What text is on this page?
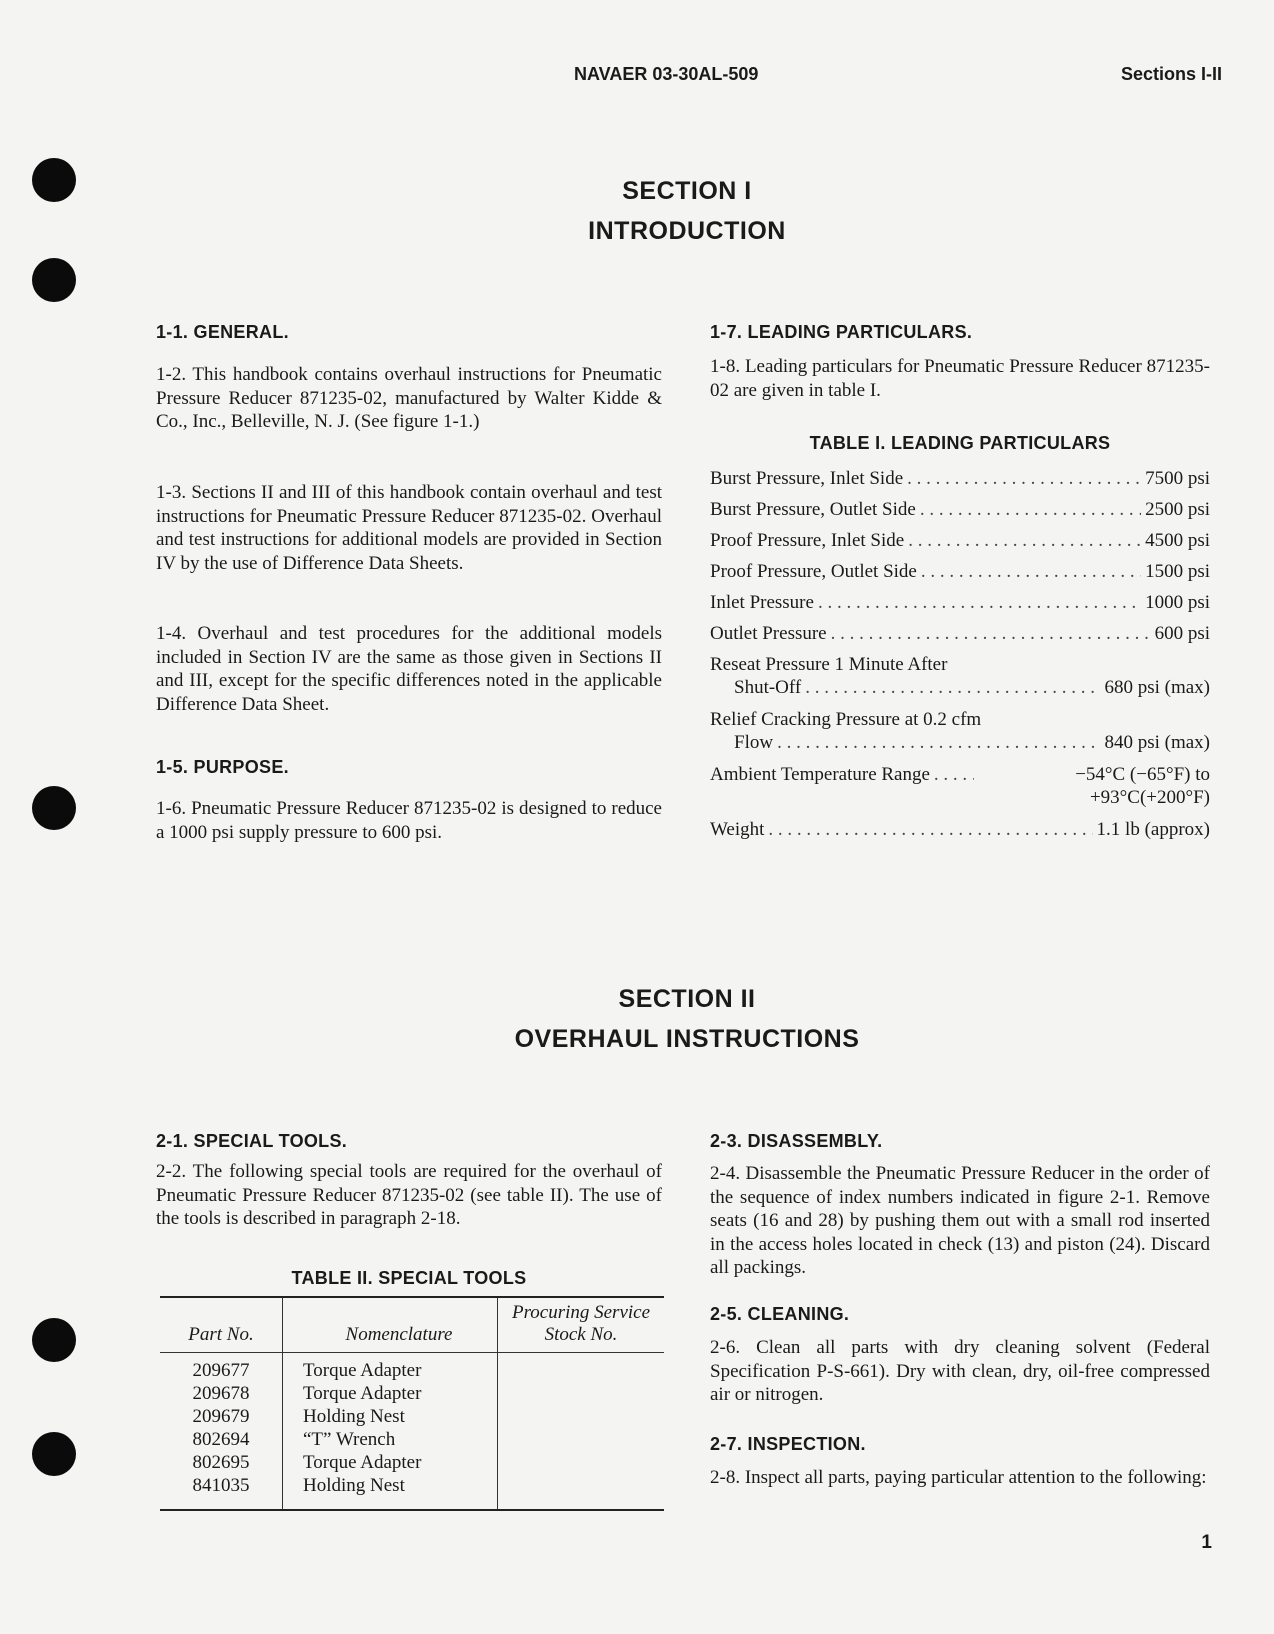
NAVAER 03-30AL-509	Sections I-II
SECTION I
INTRODUCTION
1-1. GENERAL.
1-2. This handbook contains overhaul instructions for Pneumatic Pressure Reducer 871235-02, manufactured by Walter Kidde & Co., Inc., Belleville, N. J. (See figure 1-1.)
1-3. Sections II and III of this handbook contain overhaul and test instructions for Pneumatic Pressure Reducer 871235-02. Overhaul and test instructions for additional models are provided in Section IV by the use of Difference Data Sheets.
1-4. Overhaul and test procedures for the additional models included in Section IV are the same as those given in Sections II and III, except for the specific differences noted in the applicable Difference Data Sheet.
1-5. PURPOSE.
1-6. Pneumatic Pressure Reducer 871235-02 is designed to reduce a 1000 psi supply pressure to 600 psi.
1-7. LEADING PARTICULARS.
1-8. Leading particulars for Pneumatic Pressure Reducer 871235-02 are given in table I.
TABLE I. LEADING PARTICULARS
Burst Pressure, Inlet Side . . .	7500 psi
Burst Pressure, Outlet Side . . .	2500 psi
Proof Pressure, Inlet Side . . .	4500 psi
Proof Pressure, Outlet Side . . .	1500 psi
Inlet Pressure . . .	1000 psi
Outlet Pressure . . .	600 psi
Reseat Pressure 1 Minute After
Shut-Off . . .	680 psi (max)
Relief Cracking Pressure at 0.2 cfm
Flow . . .	840 psi (max)
Ambient Temperature Range . . .	−54°C (−65°F) to
+93°C(+200°F)
Weight . . .	1.1 lb (approx)
SECTION II
OVERHAUL INSTRUCTIONS
2-1. SPECIAL TOOLS.
2-2. The following special tools are required for the overhaul of Pneumatic Pressure Reducer 871235-02 (see table II). The use of the tools is described in paragraph 2-18.
TABLE II. SPECIAL TOOLS
Part No.	Nomenclature	Procuring Service Stock No.
209677	Torque Adapter	
209678	Torque Adapter	
209679	Holding Nest	
802694	“T” Wrench	
802695	Torque Adapter	
841035	Holding Nest	
2-3. DISASSEMBLY.
2-4. Disassemble the Pneumatic Pressure Reducer in the order of the sequence of index numbers indicated in figure 2-1. Remove seats (16 and 28) by pushing them out with a small rod inserted in the access holes located in check (13) and piston (24). Discard all packings.
2-5. CLEANING.
2-6. Clean all parts with dry cleaning solvent (Federal Specification P-S-661). Dry with clean, dry, oil-free compressed air or nitrogen.
2-7. INSPECTION.
2-8. Inspect all parts, paying particular attention to the following:
1
